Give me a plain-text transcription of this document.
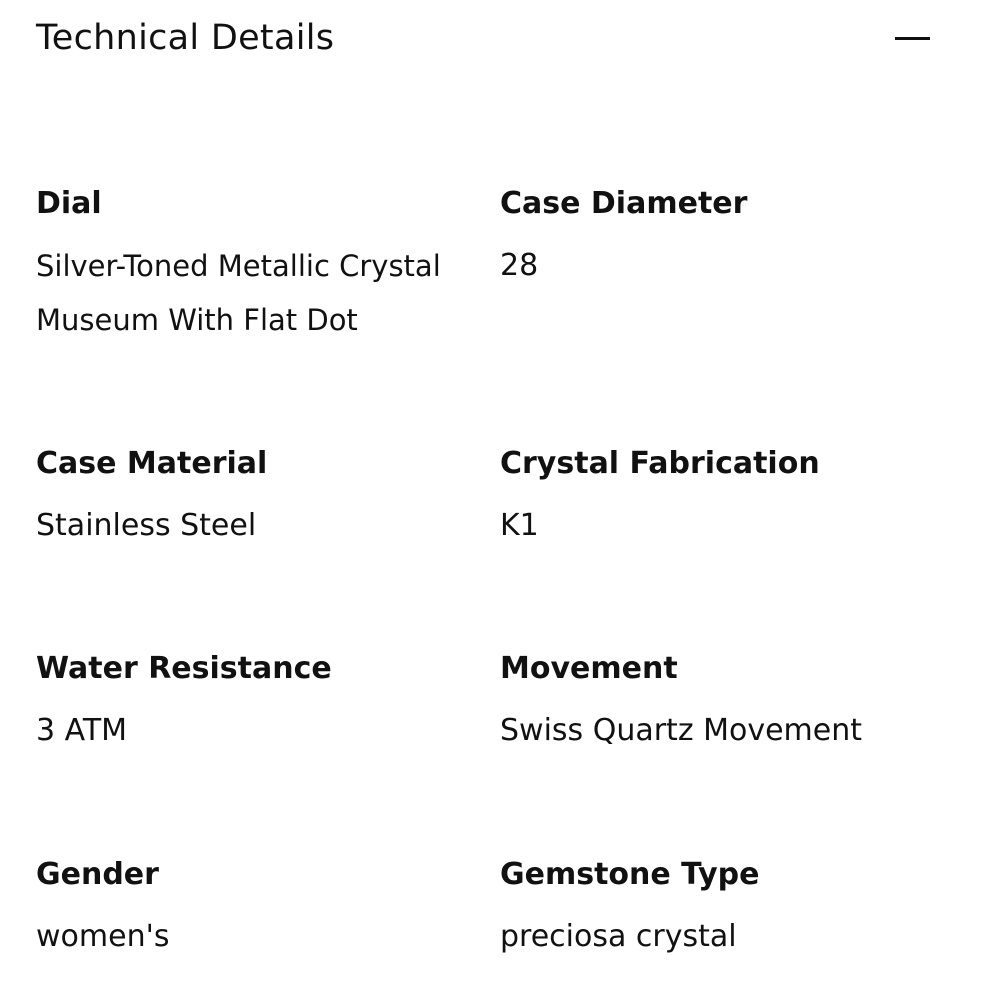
Technical Details

Dial

Silver-Toned Metallic Crystal Museum With Flat Dot

Case Diameter

28

Case Material

Stainless Steel

Crystal Fabrication

K1

Water Resistance

3 ATM

Movement

Swiss Quartz Movement

Gender

women's

Gemstone Type

preciosa crystal
